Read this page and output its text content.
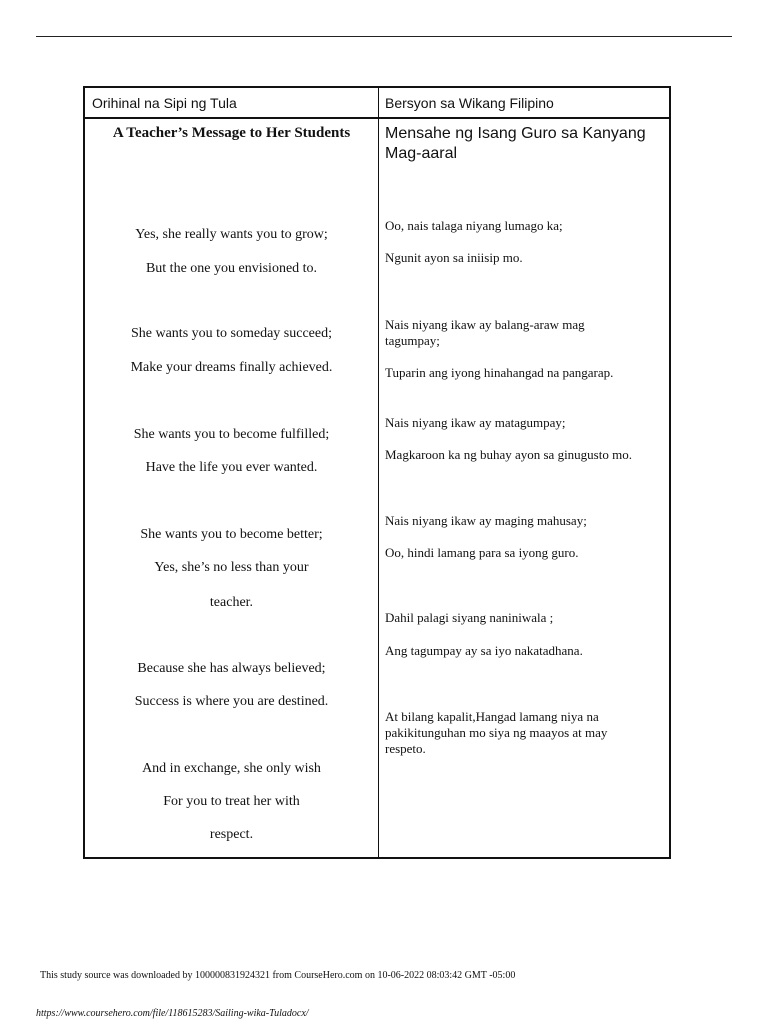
Orihinal na Sipi ng Tula	Bersyon sa Wikang Filipino
A Teacher’s Message to Her Students	Mensahe ng Isang Guro sa Kanyang Mag-aaral
Yes, she really wants you to grow;
But the one you envisioned to.
She wants you to someday succeed;
Make your dreams finally achieved.
She wants you to become fulfilled;
Have the life you ever wanted.
She wants you to become better;
Yes, she’s no less than your
teacher.
Because she has always believed;
Success is where you are destined.
And in exchange, she only wish
For you to treat her with
respect.
Oo, nais talaga niyang lumago ka;
Ngunit ayon sa iniisip mo.
Nais niyang ikaw ay balang-araw mag tagumpay;
Tuparin ang iyong hinahangad na pangarap.
Nais niyang ikaw ay matagumpay;
Magkaroon ka ng buhay ayon sa ginugusto mo.
Nais niyang ikaw ay maging mahusay;
Oo, hindi lamang para sa iyong guro.
Dahil palagi siyang naniniwala ;
Ang tagumpay ay sa iyo nakatadhana.
At bilang kapalit,Hangad lamang niya na pakikitunguhan mo siya ng maayos at may respeto.
This study source was downloaded by 100000831924321 from CourseHero.com on 10-06-2022 08:03:42 GMT -05:00
https://www.coursehero.com/file/118615283/Sailing-wika-Tuladocx/
